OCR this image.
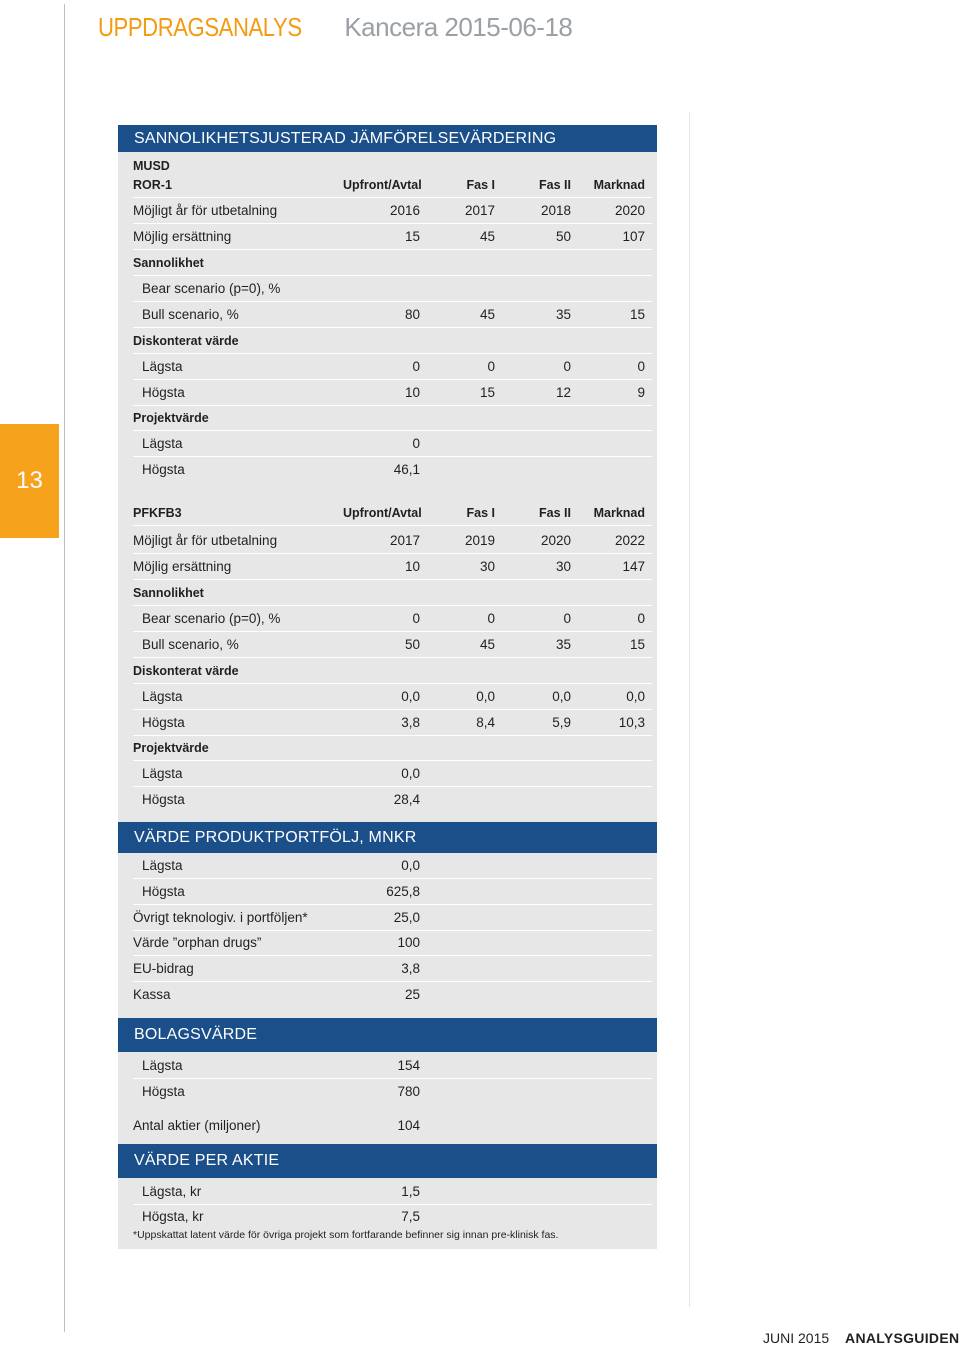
UPPDRAGSANALYS Kancera 2015-06-18
13
SANNOLIKHETSJUSTERAD JÄMFÖRELSEVÄRDERING
VÄRDE PRODUKTPORTFÖLJ, MNKR
BOLAGSVÄRDE
VÄRDE PER AKTIE
MUSD
ROR-1	Upfront/Avtal	Fas I	Fas II	Marknad
Möjligt år för utbetalning	2016	2017	2018	2020
Möjlig ersättning	15	45	50	107
Sannolikhet
Bear scenario (p=0), %
Bull scenario, %	80	45	35	15
Diskonterat värde
Lägsta	0	0	0	0
Högsta	10	15	12	9
Projektvärde
Lägsta	0
Högsta	46,1
PFKFB3	Upfront/Avtal	Fas I	Fas II	Marknad
Möjligt år för utbetalning	2017	2019	2020	2022
Möjlig ersättning	10	30	30	147
Sannolikhet
Bear scenario (p=0), %	0	0	0	0
Bull scenario, %	50	45	35	15
Diskonterat värde
Lägsta	0,0	0,0	0,0	0,0
Högsta	3,8	8,4	5,9	10,3
Projektvärde
Lägsta	0,0
Högsta	28,4
Lägsta	0,0
Högsta	625,8
Övrigt teknologiv. i portföljen*	25,0
Värde ”orphan drugs”	100
EU-bidrag	3,8
Kassa	25
Lägsta	154
Högsta	780
Antal aktier (miljoner)	104
Lägsta, kr	1,5
Högsta, kr	7,5
*Uppskattat latent värde för övriga projekt som fortfarande befinner sig innan pre-klinisk fas.
JUNI 2015 ANALYSGUIDEN
